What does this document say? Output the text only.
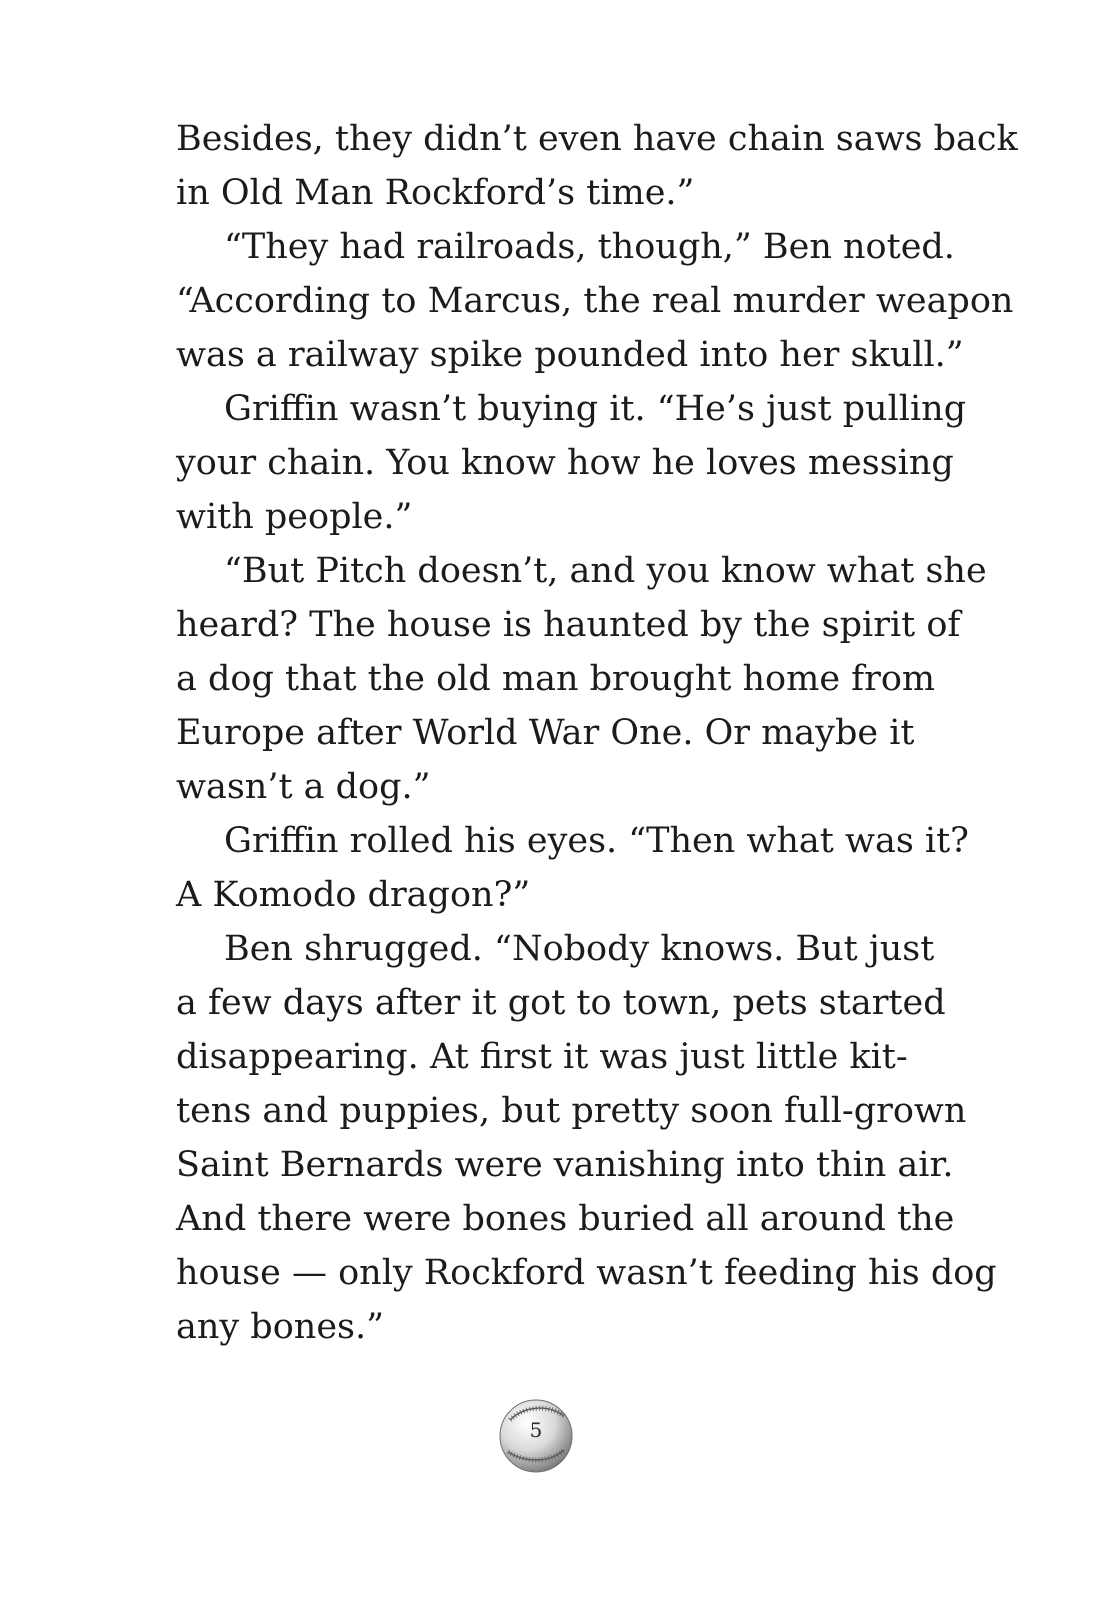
Besides, they didn’t even have chain saws back
in Old Man Rockford’s time.”
“They had railroads, though,” Ben noted.
“According to Marcus, the real murder weapon
was a railway spike pounded into her skull.”
Griffin wasn’t buying it. “He’s just pulling
your chain. You know how he loves messing
with people.”
“But Pitch doesn’t, and you know what she
heard? The house is haunted by the spirit of
a dog that the old man brought home from
Europe after World War One. Or maybe it
wasn’t a dog.”
Griffin rolled his eyes. “Then what was it?
A Komodo dragon?”
Ben shrugged. “Nobody knows. But just
a few days after it got to town, pets started
disappearing. At first it was just little kit-
tens and puppies, but pretty soon full-grown
Saint Bernards were vanishing into thin air.
And there were bones buried all around the
house — only Rockford wasn’t feeding his dog
any bones.”
5
